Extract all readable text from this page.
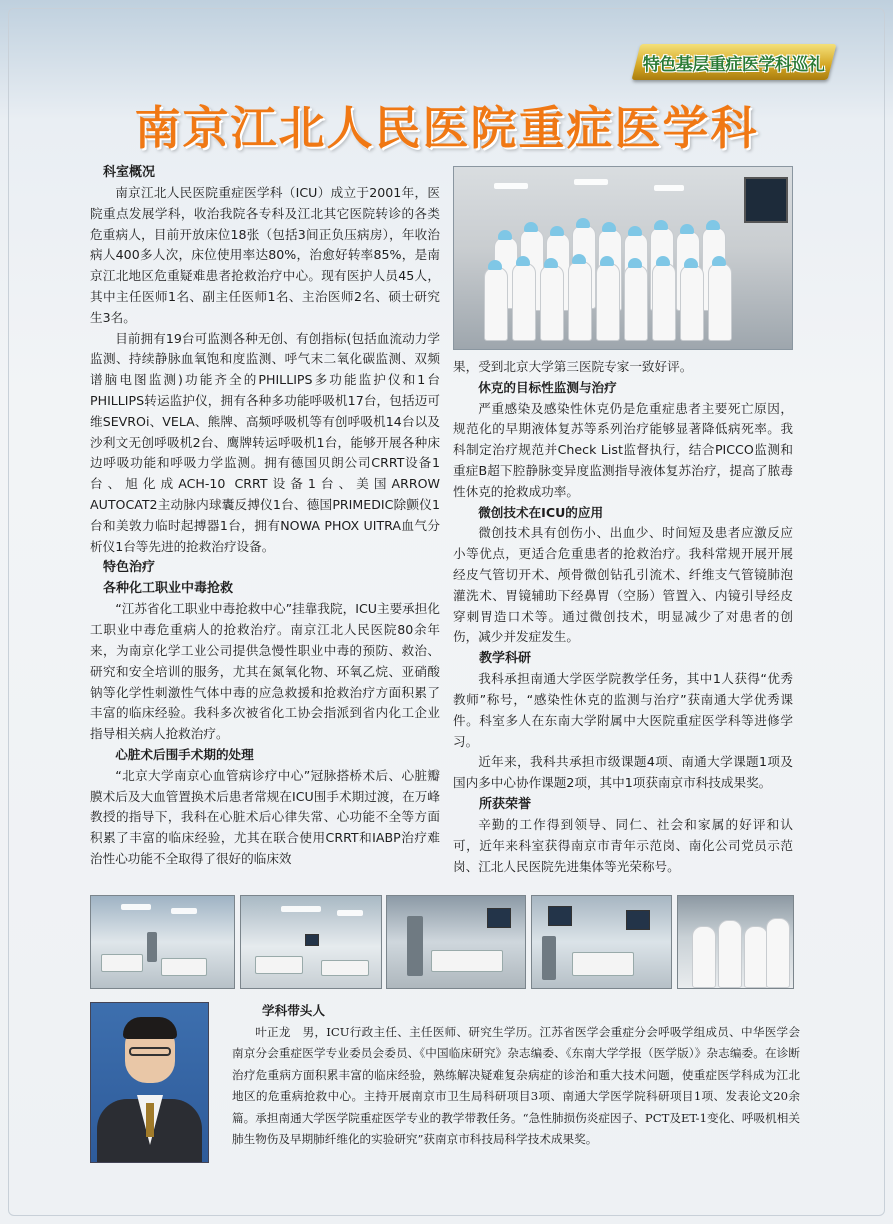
特色基层重症医学科巡礼
南京江北人民医院重症医学科
科室概况

南京江北人民医院重症医学科（ICU）成立于2001年，医院重点发展学科，收治我院各专科及江北其它医院转诊的各类危重病人，目前开放床位18张（包括3间正负压病房），年收治病人400多人次，床位使用率达80%，治愈好转率85%，是南京江北地区危重疑难患者抢救治疗中心。现有医护人员45人，其中主任医师1名、副主任医师1名、主治医师2名、硕士研究生3名。

目前拥有19台可监测各种无创、有创指标(包括血流动力学监测、持续静脉血氧饱和度监测、呼气末二氧化碳监测、双频谱脑电图监测)功能齐全的PHILLIPS多功能监护仪和1台PHILLIPS转运监护仪，拥有各种多功能呼吸机17台，包括迈可维SEVROi、VELA、熊牌、高频呼吸机等有创呼吸机14台以及沙利文无创呼吸机2台、鹰牌转运呼吸机1台，能够开展各种床边呼吸功能和呼吸力学监测。拥有德国贝朗公司CRRT设备1台、旭化成ACH-10 CRRT设备1台、美国ARROW AUTOCAT2主动脉内球囊反搏仪1台、德国PRIMEDIC除颤仪1台和美敦力临时起搏器1台，拥有NOWA PHOX UITRA血气分析仪1台等先进的抢救治疗设备。

特色治疗
各种化工职业中毒抢救

“江苏省化工职业中毒抢救中心”挂靠我院，ICU主要承担化工职业中毒危重病人的抢救治疗。南京江北人民医院80余年来，为南京化学工业公司提供急慢性职业中毒的预防、救治、研究和安全培训的服务，尤其在氮氧化物、环氧乙烷、亚硝酸钠等化学性刺激性气体中毒的应急救援和抢救治疗方面积累了丰富的临床经验。我科多次被省化工协会指派到省内化工企业指导相关病人抢救治疗。

心脏术后围手术期的处理

“北京大学南京心血管病诊疗中心”冠脉搭桥术后、心脏瓣膜术后及大血管置换术后患者常规在ICU围手术期过渡，在万峰教授的指导下，我科在心脏术后心律失常、心功能不全等方面积累了丰富的临床经验，尤其在联合使用CRRT和IABP治疗难治性心功能不全取得了很好的临床效

果，受到北京大学第三医院专家一致好评。

休克的目标性监测与治疗

严重感染及感染性休克仍是危重症患者主要死亡原因，规范化的早期液体复苏等系列治疗能够显著降低病死率。我科制定治疗规范并Check List监督执行，结合PICCO监测和重症B超下腔静脉变异度监测指导液体复苏治疗，提高了脓毒性休克的抢救成功率。

微创技术在ICU的应用

微创技术具有创伤小、出血少、时间短及患者应激反应小等优点，更适合危重患者的抢救治疗。我科常规开展开展经皮气管切开术、颅骨微创钻孔引流术、纤维支气管镜肺泡灌洗术、胃镜辅助下经鼻胃（空肠）管置入、内镜引导经皮穿刺胃造口术等。通过微创技术，明显减少了对患者的创伤，减少并发症发生。

教学科研

我科承担南通大学医学院教学任务，其中1人获得“优秀教师”称号，“感染性休克的监测与治疗”获南通大学优秀课件。科室多人在东南大学附属中大医院重症医学科等进修学习。

近年来，我科共承担市级课题4项、南通大学课题1项及国内多中心协作课题2项，其中1项获南京市科技成果奖。

所获荣誉

辛勤的工作得到领导、同仁、社会和家属的好评和认可，近年来科室获得南京市青年示范岗、南化公司党员示范岗、江北人民医院先进集体等光荣称号。

学科带头人

叶正龙　男，ICU行政主任、主任医师、研究生学历。江苏省医学会重症分会呼吸学组成员、中华医学会南京分会重症医学专业委员会委员、《中国临床研究》杂志编委、《东南大学学报（医学版）》杂志编委。在诊断治疗危重病方面积累丰富的临床经验，熟练解决疑难复杂病症的诊治和重大技术问题，使重症医学科成为江北地区的危重病抢救中心。主持开展南京市卫生局科研项目3项、南通大学医学院科研项目1项、发表论文20余篇。承担南通大学医学院重症医学专业的教学带教任务。“急性肺损伤炎症因子、PCT及ET-1变化、呼吸机相关肺生物伤及早期肺纤维化的实验研究”获南京市科技局科学技术成果奖。
